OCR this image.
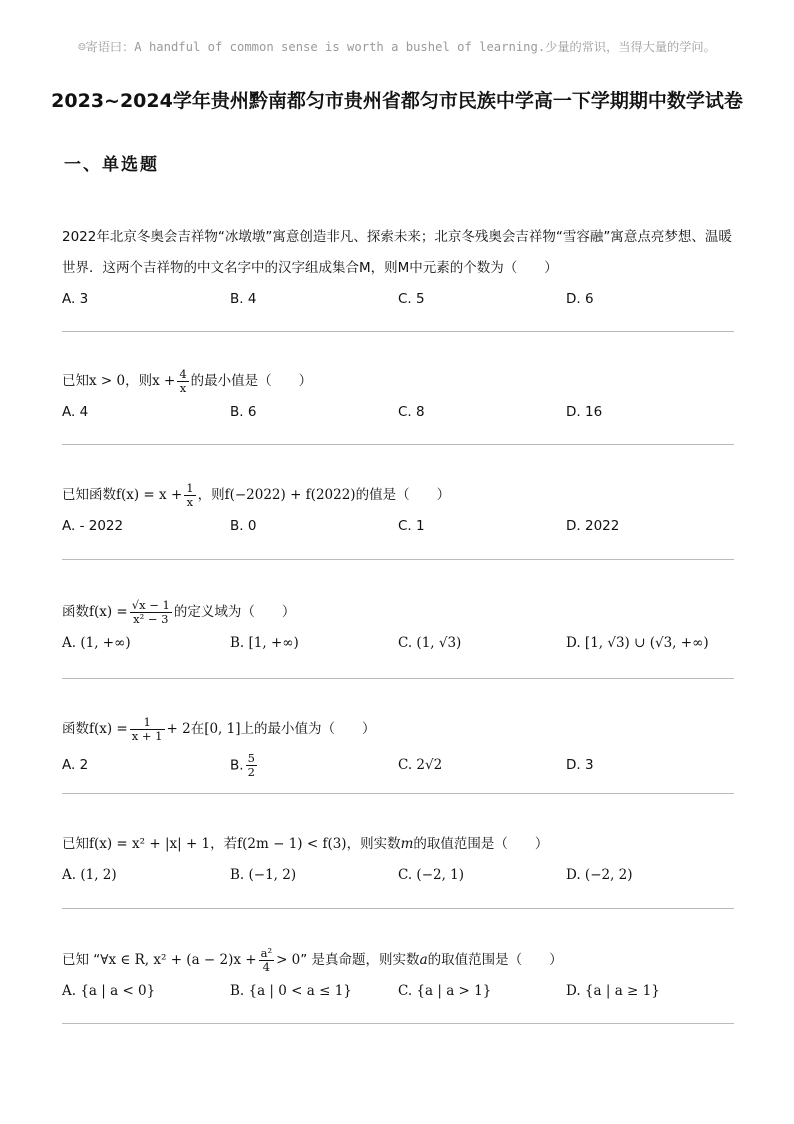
☺寄语曰：A handful of common sense is worth a bushel of learning.少量的常识，当得大量的学问。
2023~2024学年贵州黔南都匀市贵州省都匀市民族中学高一下学期期中数学试卷
一、单选题

2022年北京冬奥会吉祥物“冰墩墩”寓意创造非凡、探索未来；北京冬残奥会吉祥物“雪容融”寓意点亮梦想、温暖世界．这两个吉祥物的中文名字中的汉字组成集合M，则M中元素的个数为（　　）

A. 3	B. 4	C. 5	D. 6

已知x > 0，则$x + \frac{4}{x}$ 的最小值是（　　）

A. 4	B. 6	C. 8	D. 16

已知函数$f(x) = x + \frac{1}{x}$ ，则f(−2022) + f(2022)的值是（　　）

A. - 2022	B. 0	C. 1	D. 2022

函数$f(x) = \frac{√x - 1}{\text{x² − 3}}$ 的定义域为（　　）

A. (1, +∞)	B. [1, +∞)	C. (1, √3)	D. [1, √3) ∪ (√3, +∞)

函数$f(x) = \frac{1}{x + 1} + 2$在[0, 1]上的最小值为（　　）

A. 2	B. $\frac{5}{2}$	C. 2√2	D. 3

已知f(x) = x² + |x| + 1，若f(2m − 1) < f(3)，则实数m的取值范围是（　　）

A. (1, 2)	B. (−1, 2)	C. (−2, 1)	D. (−2, 2)

已知 “∀x ∈ R, $x^2 + (a - 2)x + \frac{\text{a²}}{4} > 0$” 是真命题，则实数a的取值范围是（　　）

A. {a | a < 0}	B. {a | 0 < a ≤ 1}	C. {a | a > 1}	D. {a | a ≥ 1}
